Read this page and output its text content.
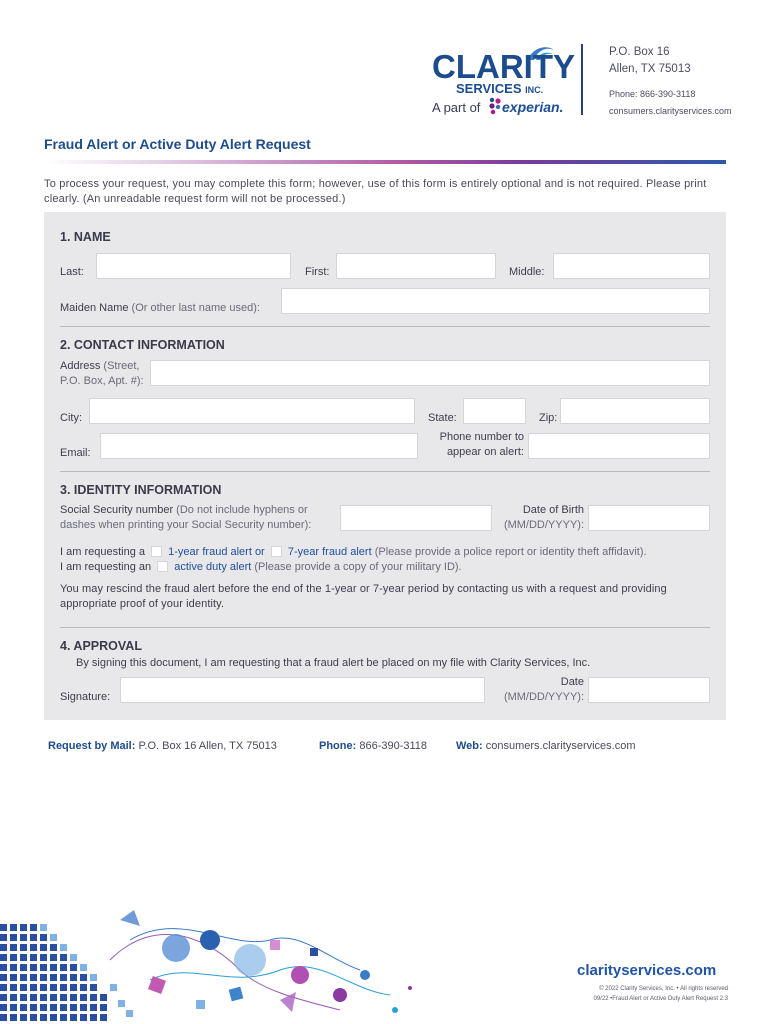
CLARITY
SERVICES INC.
A part of experian.
P.O. Box 16
Allen, TX 75013
Phone: 866-390-3118
consumers.clarityservices.com
Fraud Alert or Active Duty Alert Request
To process your request, you may complete this form; however, use of this form is entirely optional and is not required. Please print clearly. (An unreadable request form will not be processed.)
1. NAME
Last:	First:	Middle:
Maiden Name (Or other last name used):
2. CONTACT INFORMATION
Address (Street,
P.O. Box, Apt. #):
City:	State:	Zip:
Email:
Phone number to
appear on alert:
3. IDENTITY INFORMATION
Social Security number (Do not include hyphens or
dashes when printing your Social Security number):
Date of Birth
(MM/DD/YYYY):
I am requesting a 1-year fraud alert or 7-year fraud alert (Please provide a police report or identity theft affidavit).
I am requesting an active duty alert (Please provide a copy of your military ID).
You may rescind the fraud alert before the end of the 1-year or 7-year period by contacting us with a request and providing appropriate proof of your identity.
4. APPROVAL
By signing this document, I am requesting that a fraud alert be placed on my file with Clarity Services, Inc.
Signature:
Date
(MM/DD/YYYY):
Request by Mail: P.O. Box 16 Allen, TX 75013	Phone: 866-390-3118	Web: consumers.clarityservices.com
clarityservices.com
© 2022 Clarity Services, Inc. • All rights reserved
09/22 •Fraud Alert or Active Duty Alert Request 2.3
